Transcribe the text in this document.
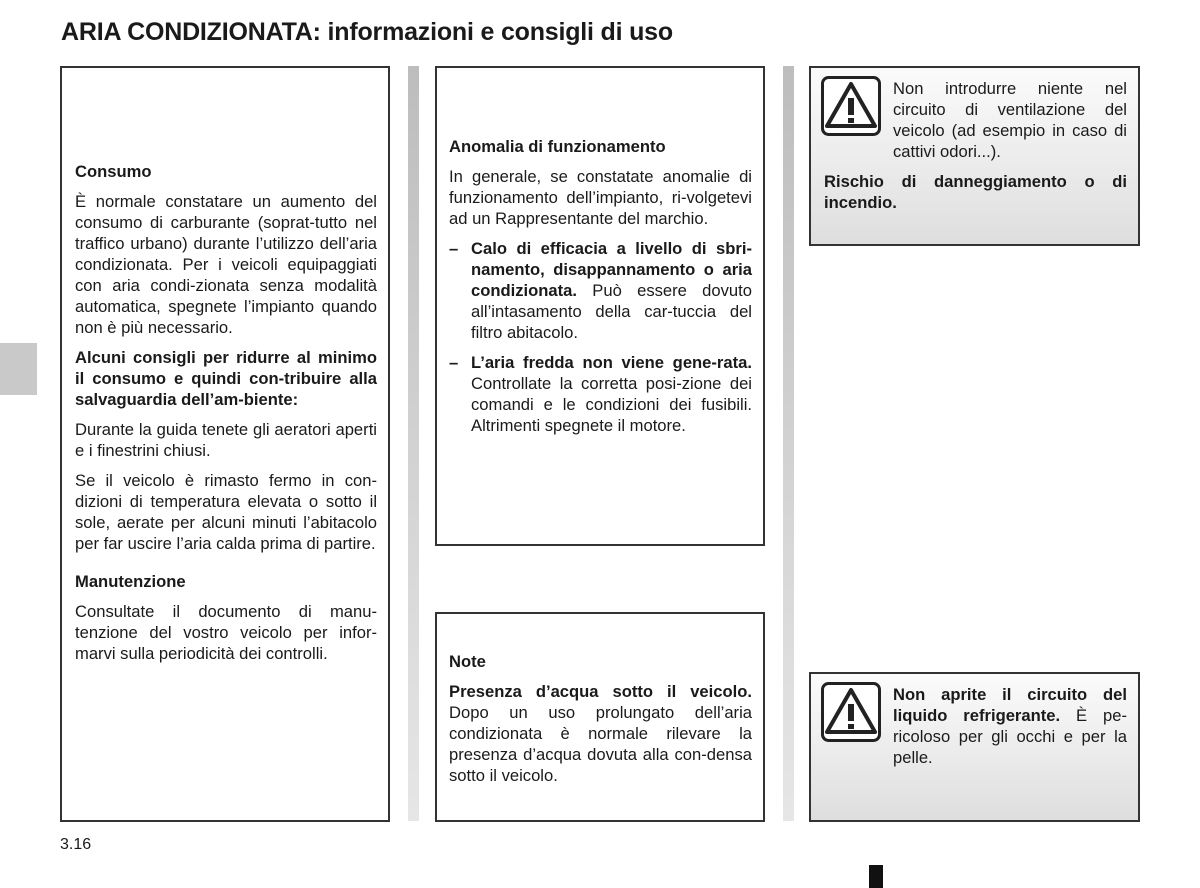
ARIA CONDIZIONATA: informazioni e consigli di uso

Consumo

È normale constatare un aumento del consumo di carburante (soprat-tutto nel traffico urbano) durante l’utilizzo dell’aria condizionata. Per i veicoli equipaggiati con aria condi-zionata senza modalità automatica, spegnete l’impianto quando non è più necessario.

Alcuni consigli per ridurre al minimo il consumo e quindi con-tribuire alla salvaguardia dell’am-biente:

Durante la guida tenete gli aeratori aperti e i finestrini chiusi.

Se il veicolo è rimasto fermo in con-dizioni di temperatura elevata o sotto il sole, aerate per alcuni minuti l’abitacolo per far uscire l’aria calda prima di partire.

Manutenzione

Consultate il documento di manu-tenzione del vostro veicolo per infor-marvi sulla periodicità dei controlli.

Anomalia di funzionamento

In generale, se constatate anomalie di funzionamento dell’impianto, ri-volgetevi ad un Rappresentante del marchio.

– Calo di efficacia a livello di sbri-namento, disappannamento o aria condizionata. Può essere dovuto all’intasamento della car-tuccia del filtro abitacolo.
– L’aria fredda non viene gene-rata. Controllate la corretta posi-zione dei comandi e le condizioni dei fusibili. Altrimenti spegnete il motore.

Note

Presenza d’acqua sotto il veicolo. Dopo un uso prolungato dell’aria condizionata è normale rilevare la presenza d’acqua dovuta alla con-densa sotto il veicolo.

Non introdurre niente nel circuito di ventilazione del veicolo (ad esempio in caso di cattivi odori...).

Rischio di danneggiamento o di incendio.

Non aprite il circuito del liquido refrigerante. È pe-ricoloso per gli occhi e per la pelle.

3.16
